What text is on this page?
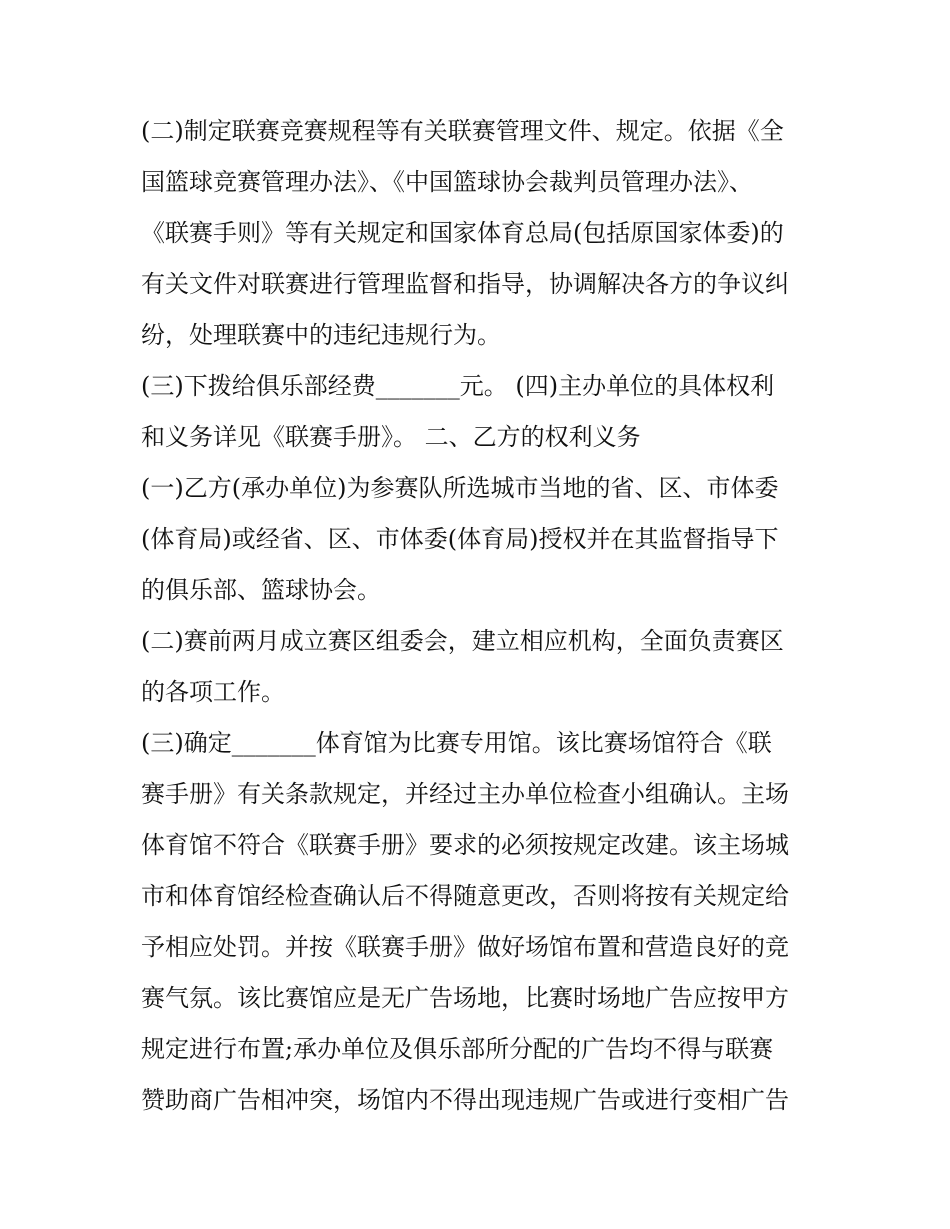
(二)制定联赛竞赛规程等有关联赛管理文件、规定。依据《全
国篮球竞赛管理办法》、《中国篮球协会裁判员管理办法》、
《联赛手则》等有关规定和国家体育总局(包括原国家体委)的
有关文件对联赛进行管理监督和指导，协调解决各方的争议纠
纷，处理联赛中的违纪违规行为。
(三)下拨给俱乐部经费_______元。 (四)主办单位的具体权利
和义务详见《联赛手册》。 二、乙方的权利义务
(一)乙方(承办单位)为参赛队所选城市当地的省、区、市体委
(体育局)或经省、区、市体委(体育局)授权并在其监督指导下
的俱乐部、篮球协会。
(二)赛前两月成立赛区组委会，建立相应机构，全面负责赛区
的各项工作。
(三)确定_______体育馆为比赛专用馆。该比赛场馆符合《联
赛手册》有关条款规定，并经过主办单位检查小组确认。主场
体育馆不符合《联赛手册》要求的必须按规定改建。该主场城
市和体育馆经检查确认后不得随意更改，否则将按有关规定给
予相应处罚。并按《联赛手册》做好场馆布置和营造良好的竞
赛气氛。该比赛馆应是无广告场地，比赛时场地广告应按甲方
规定进行布置;承办单位及俱乐部所分配的广告均不得与联赛
赞助商广告相冲突，场馆内不得出现违规广告或进行变相广告
